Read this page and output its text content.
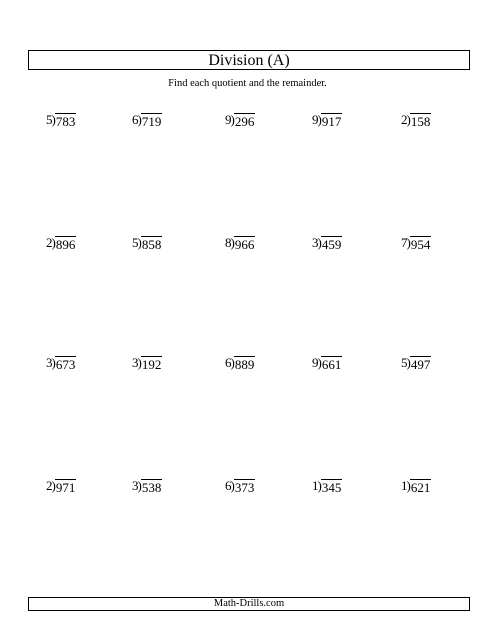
Division (A)
Find each quotient and the remainder.
5)783	6)719	9)296	9)917	2)158
2)896	5)858	8)966	3)459	7)954
3)673	3)192	6)889	9)661	5)497
2)971	3)538	6)373	1)345	1)621
Math-Drills.com
